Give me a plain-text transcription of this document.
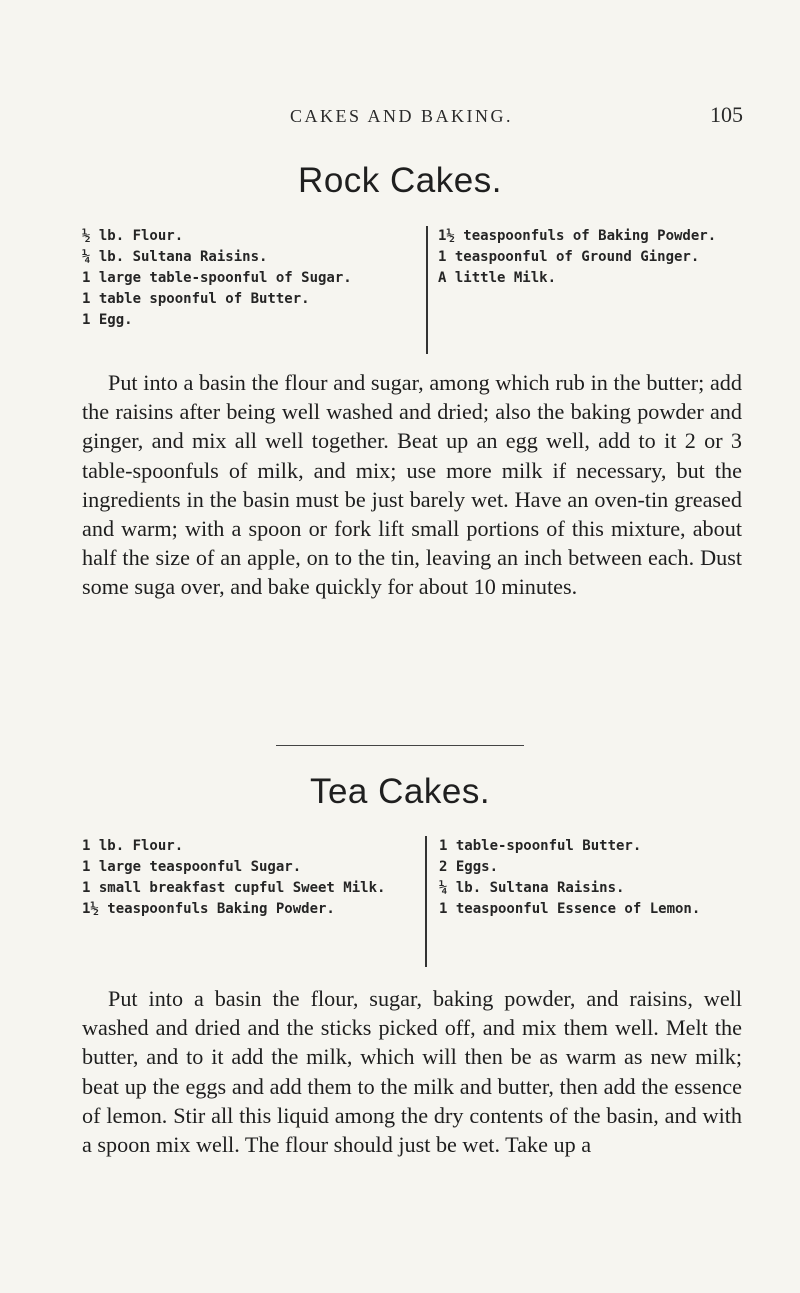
CAKES AND BAKING.	105
Rock Cakes.
½ lb. Flour.
¼ lb. Sultana Raisins.
1 large table-spoonful of Sugar.
1 table spoonful of Butter.
1 Egg.
1½ teaspoonfuls of Baking Powder.
1 teaspoonful of Ground Ginger.
A little Milk.

Put into a basin the flour and sugar, among which rub in the butter; add the raisins after being well washed and dried; also the baking powder and ginger, and mix all well together. Beat up an egg well, add to it 2 or 3 table-spoonfuls of milk, and mix; use more milk if necessary, but the ingredients in the basin must be just barely wet. Have an oven-tin greased and warm; with a spoon or fork lift small portions of this mixture, about half the size of an apple, on to the tin, leaving an inch between each. Dust some suga over, and bake quickly for about 10 minutes.

Tea Cakes.
1 lb. Flour.
1 large teaspoonful Sugar.
1 small breakfast cupful Sweet Milk.
1½ teaspoonfuls Baking Powder.
1 table-spoonful Butter.
2 Eggs.
¼ lb. Sultana Raisins.
1 teaspoonful Essence of Lemon.

Put into a basin the flour, sugar, baking powder, and raisins, well washed and dried and the sticks picked off, and mix them well. Melt the butter, and to it add the milk, which will then be as warm as new milk; beat up the eggs and add them to the milk and butter, then add the essence of lemon. Stir all this liquid among the dry contents of the basin, and with a spoon mix well. The flour should just be wet. Take up a
